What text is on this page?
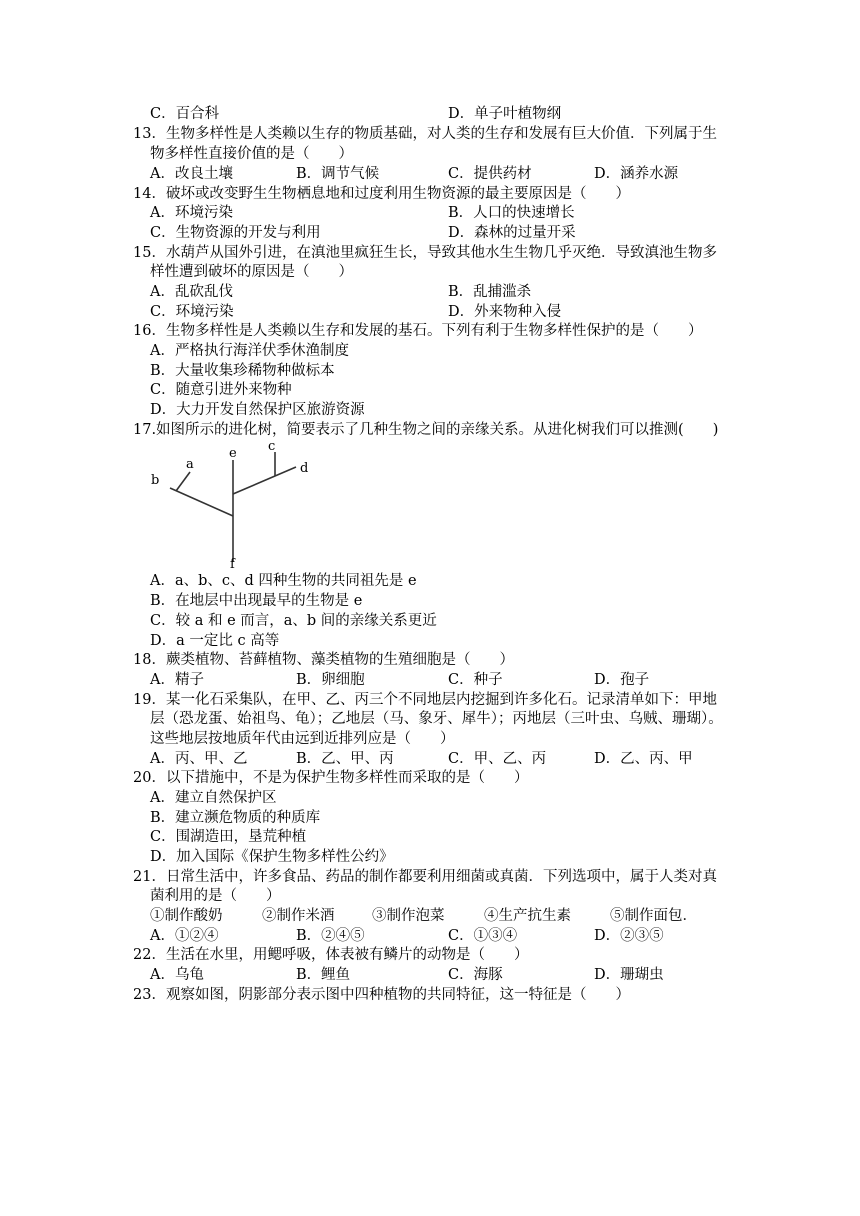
C．百合科	D．单子叶植物纲
13．生物多样性是人类赖以生存的物质基础，对人类的生存和发展有巨大价值．下列属于生
物多样性直接价值的是（　　）
A．改良土壤	B．调节气候	C．提供药材	D．涵养水源
14．破坏或改变野生生物栖息地和过度利用生物资源的最主要原因是（　　）
A．环境污染	B．人口的快速增长
C．生物资源的开发与利用	D．森林的过量开采
15．水葫芦从国外引进，在滇池里疯狂生长，导致其他水生生物几乎灭绝．导致滇池生物多
样性遭到破坏的原因是（　　）
A．乱砍乱伐	B．乱捕滥杀
C．环境污染	D．外来物种入侵
16．生物多样性是人类赖以生存和发展的基石。下列有利于生物多样性保护的是（　　）
A．严格执行海洋伏季休渔制度
B．大量收集珍稀物种做标本
C．随意引进外来物种
D．大力开发自然保护区旅游资源
17.如图所示的进化树，简要表示了几种生物之间的亲缘关系。从进化树我们可以推测(　　)
a
b
c
d
e
f
A．a、b、c、d 四种生物的共同祖先是 e
B．在地层中出现最早的生物是 e
C．较 a 和 e 而言，a、b 间的亲缘关系更近
D．a 一定比 c 高等
18．蕨类植物、苔藓植物、藻类植物的生殖细胞是（　　）
A．精子	B．卵细胞	C．种子	D．孢子
19．某一化石采集队，在甲、乙、丙三个不同地层内挖掘到许多化石。记录清单如下：甲地
层（恐龙蛋、始祖鸟、龟）；乙地层（马、象牙、犀牛）；丙地层（三叶虫、乌贼、珊瑚）。
这些地层按地质年代由远到近排列应是（　　）
A．丙、甲、乙	B．乙、甲、丙	C．甲、乙、丙	D．乙、丙、甲
20．以下措施中，不是为保护生物多样性而采取的是（　　）
A．建立自然保护区
B．建立濒危物质的种质库
C．围湖造田，垦荒种植
D．加入国际《保护生物多样性公约》
21．日常生活中，许多食品、药品的制作都要利用细菌或真菌．下列选项中，属于人类对真
菌利用的是（　　）
①制作酸奶	②制作米酒	③制作泡菜	④生产抗生素	⑤制作面包．
A．①②④	B．②④⑤	C．①③④	D．②③⑤
22．生活在水里，用鳃呼吸，体表被有鳞片的动物是（　　）
A．乌龟	B．鲤鱼	C．海豚	D．珊瑚虫
23．观察如图，阴影部分表示图中四种植物的共同特征，这一特征是（　　）
